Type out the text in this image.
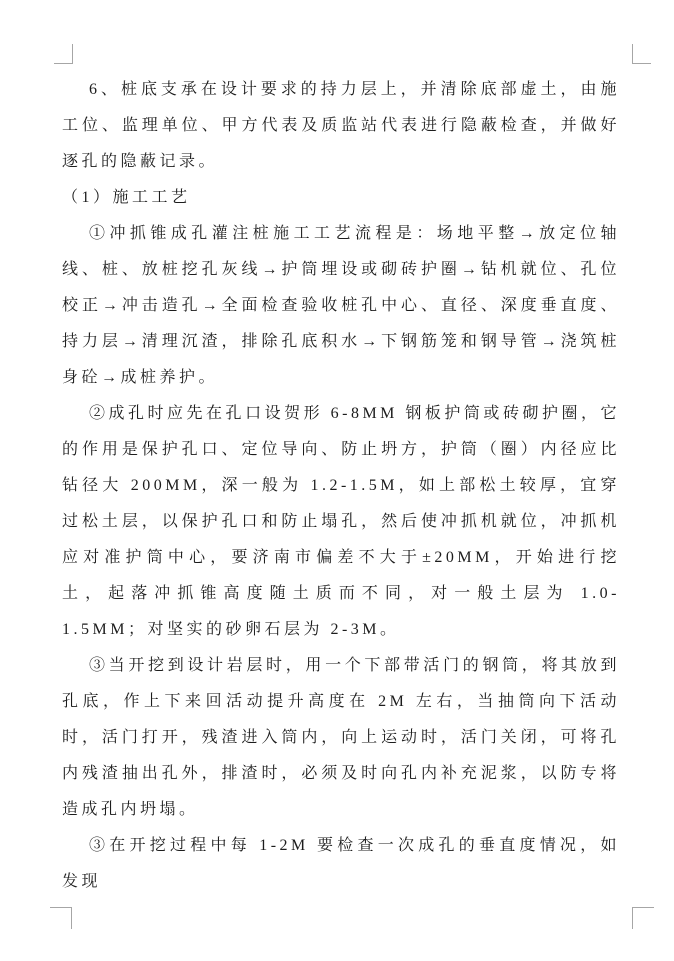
6、桩底支承在设计要求的持力层上，并清除底部虚土，由施工位、监理单位、甲方代表及质监站代表进行隐蔽检查，并做好逐孔的隐蔽记录。

（1）施工工艺

①冲抓锥成孔灌注桩施工工艺流程是：场地平整→放定位轴线、桩、放桩挖孔灰线→护筒埋设或砌砖护圈→钻机就位、孔位校正→冲击造孔→全面检查验收桩孔中心、直径、深度垂直度、持力层→清理沉渣，排除孔底积水→下钢筋笼和钢导管→浇筑桩身砼→成桩养护。

②成孔时应先在孔口设贺形 6-8MM 钢板护筒或砖砌护圈，它的作用是保护孔口、定位导向、防止坍方，护筒（圈）内径应比钻径大 200MM，深一般为 1.2-1.5M，如上部松土较厚，宜穿过松土层，以保护孔口和防止塌孔，然后使冲抓机就位，冲抓机应对准护筒中心，要济南市偏差不大于±20MM，开始进行挖土，起落冲抓锥高度随土质而不同，对一般土层为 1.0-1.5MM；对坚实的砂卵石层为 2-3M。

③当开挖到设计岩层时，用一个下部带活门的钢筒，将其放到孔底，作上下来回活动提升高度在 2M 左右，当抽筒向下活动时，活门打开，残渣进入筒内，向上运动时，活门关闭，可将孔内残渣抽出孔外，排渣时，必须及时向孔内补充泥浆，以防专将造成孔内坍塌。

③在开挖过程中每 1-2M 要检查一次成孔的垂直度情况，如发现
